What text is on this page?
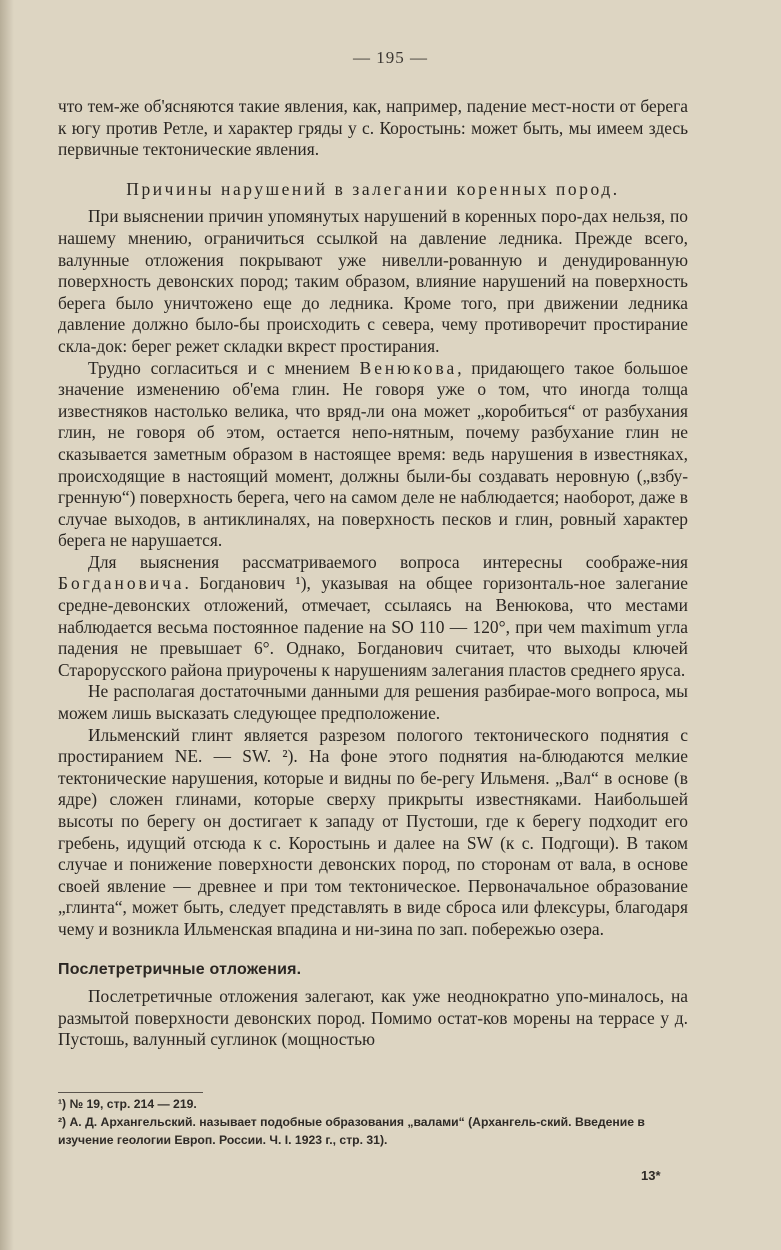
— 195 —

что тем-же об'ясняются такие явления, как, например, падение мест-ности от берега к югу против Ретле, и характер гряды у с. Коростынь: может быть, мы имеем здесь первичные тектонические явления.

Причины нарушений в залегании коренных пород.

При выяснении причин упомянутых нарушений в коренных поро-дах нельзя, по нашему мнению, ограничиться ссылкой на давление ледника. Прежде всего, валунные отложения покрывают уже нивелли-рованную и денудированную поверхность девонских пород; таким образом, влияние нарушений на поверхность берега было уничтожено еще до ледника. Кроме того, при движении ледника давление должно было-бы происходить с севера, чему противоречит простирание скла-док: берег режет складки вкрест простирания.

Трудно согласиться и с мнением Венюкова, придающего такое большое значение изменению об'ема глин. Не говоря уже о том, что иногда толща известняков настолько велика, что вряд-ли она может „коробиться“ от разбухания глин, не говоря об этом, остается непо-нятным, почему разбухание глин не сказывается заметным образом в настоящее время: ведь нарушения в известняках, происходящие в настоящий момент, должны были-бы создавать неровную („взбу-гренную“) поверхность берега, чего на самом деле не наблюдается; наоборот, даже в случае выходов, в антиклиналях, на поверхность песков и глин, ровный характер берега не нарушается.

Для выяснения рассматриваемого вопроса интересны соображе-ния Богдановича. Богданович ¹), указывая на общее горизонталь-ное залегание средне-девонских отложений, отмечает, ссылаясь на Венюкова, что местами наблюдается весьма постоянное падение на SO 110 — 120°, при чем maximum угла падения не превышает 6°. Однако, Богданович считает, что выходы ключей Старорусского района приурочены к нарушениям залегания пластов среднего яруса.

Не располагая достаточными данными для решения разбирае-мого вопроса, мы можем лишь высказать следующее предположение.

Ильменский глинт является разрезом пологого тектонического поднятия с простиранием NE. — SW. ²). На фоне этого поднятия на-блюдаются мелкие тектонические нарушения, которые и видны по бе-регу Ильменя. „Вал“ в основе (в ядре) сложен глинами, которые сверху прикрыты известняками. Наибольшей высоты по берегу он достигает к западу от Пустоши, где к берегу подходит его гребень, идущий отсюда к с. Коростынь и далее на SW (к с. Подгощи). В таком случае и понижение поверхности девонских пород, по сторонам от вала, в основе своей явление — древнее и при том тектоническое. Первоначальное образование „глинта“, может быть, следует представлять в виде сброса или флексуры, благодаря чему и возникла Ильменская впадина и ни-зина по зап. побережью озера.

Послетретричные отложения.

Послетретичные отложения залегают, как уже неоднократно упо-миналось, на размытой поверхности девонских пород. Помимо остат-ков морены на террасе у д. Пустошь, валунный суглинок (мощностью

¹) № 19, стр. 214 — 219.

²) А. Д. Архангельский. называет подобные образования „валами“ (Архангель-ский. Введение в изучение геологии Европ. России. Ч. I. 1923 г., стр. 31).

13*
